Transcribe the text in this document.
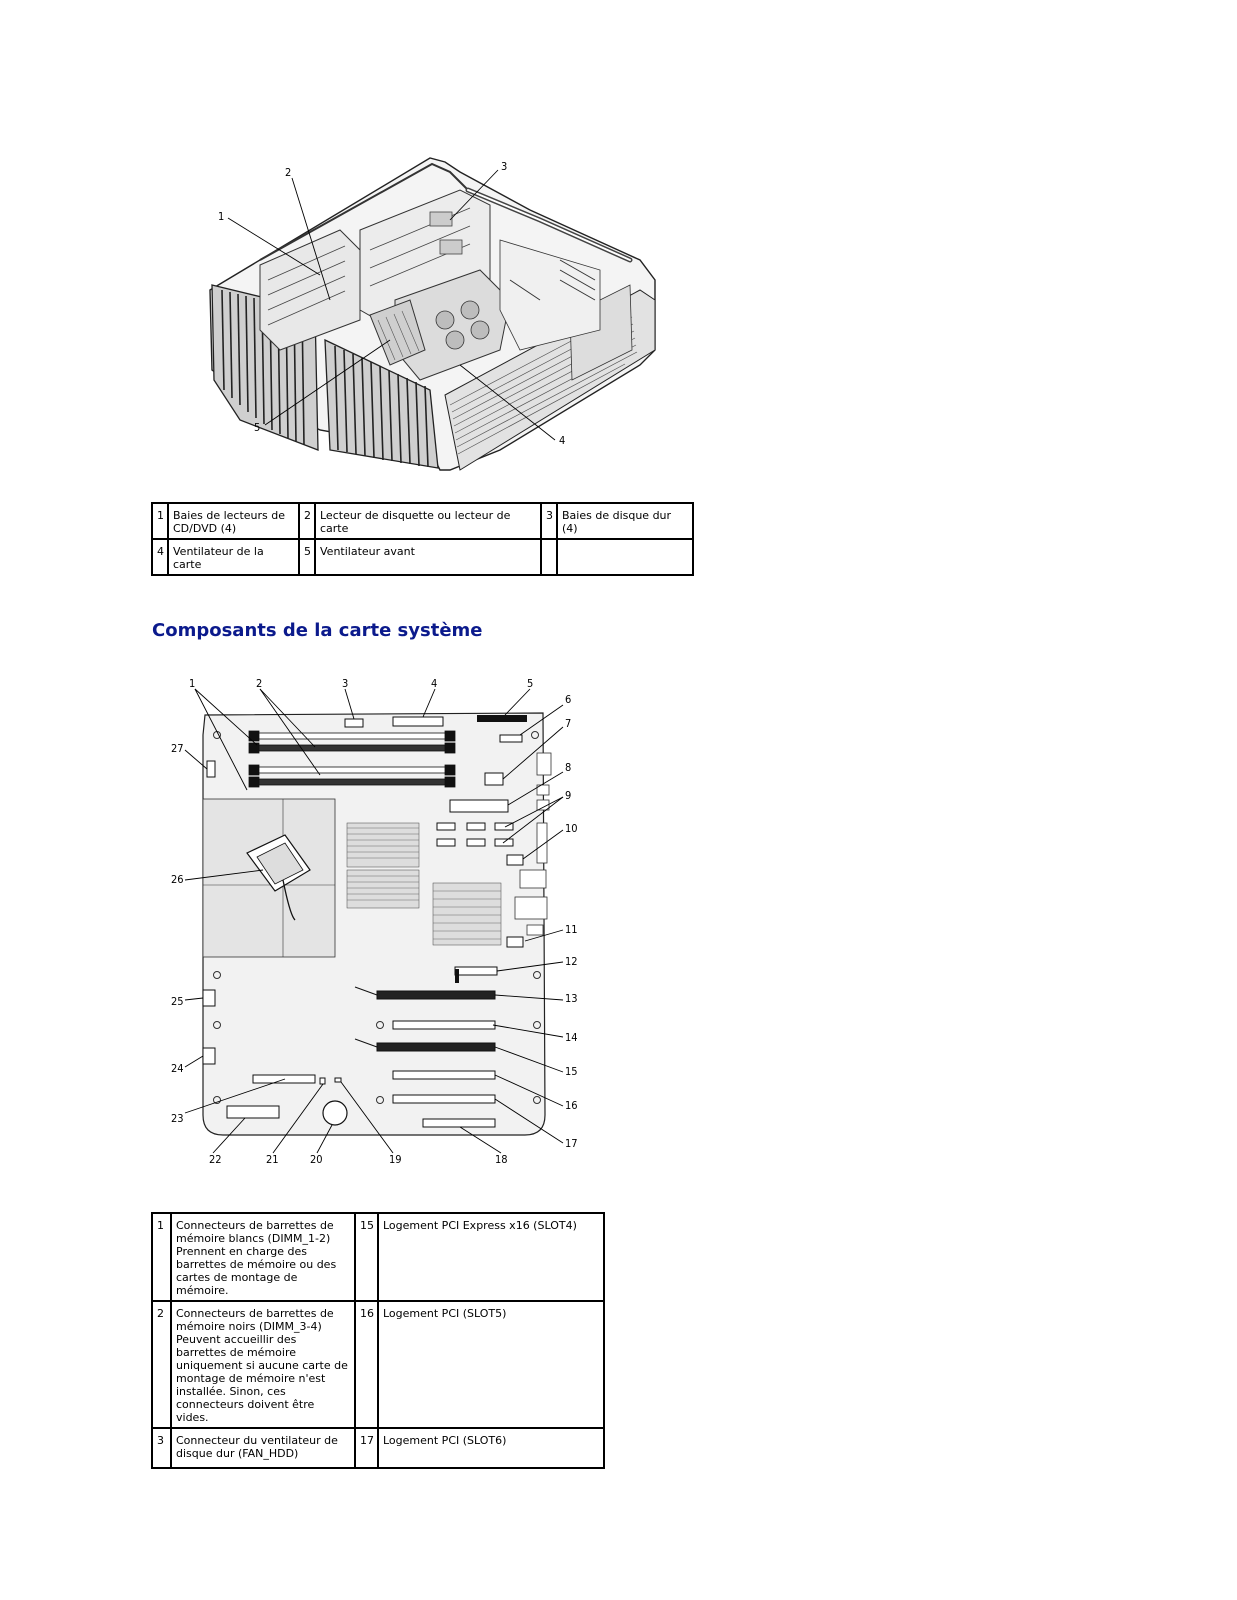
1
2	3
4
5
1	Baies de lecteurs de CD/DVD (4)	2	Lecteur de disquette ou lecteur de carte	3	Baies de disque dur (4)
4	Ventilateur de la carte	5	Ventilateur avant		
Composants de la carte système
1	2	3	4	5
6
7
8
9
10
11
12
13
14
15
16
17
18
19
20
21
22
23
24
25
26
27
1	Connecteurs de barrettes de mémoire blancs (DIMM_1-2) Prennent en charge des barrettes de mémoire ou des cartes de montage de mémoire.	15	Logement PCI Express x16 (SLOT4)
2	Connecteurs de barrettes de mémoire noirs (DIMM_3-4) Peuvent accueillir des barrettes de mémoire uniquement si aucune carte de montage de mémoire n'est installée. Sinon, ces connecteurs doivent être vides.	16	Logement PCI (SLOT5)
3	Connecteur du ventilateur de disque dur (FAN_HDD)	17	Logement PCI (SLOT6)
